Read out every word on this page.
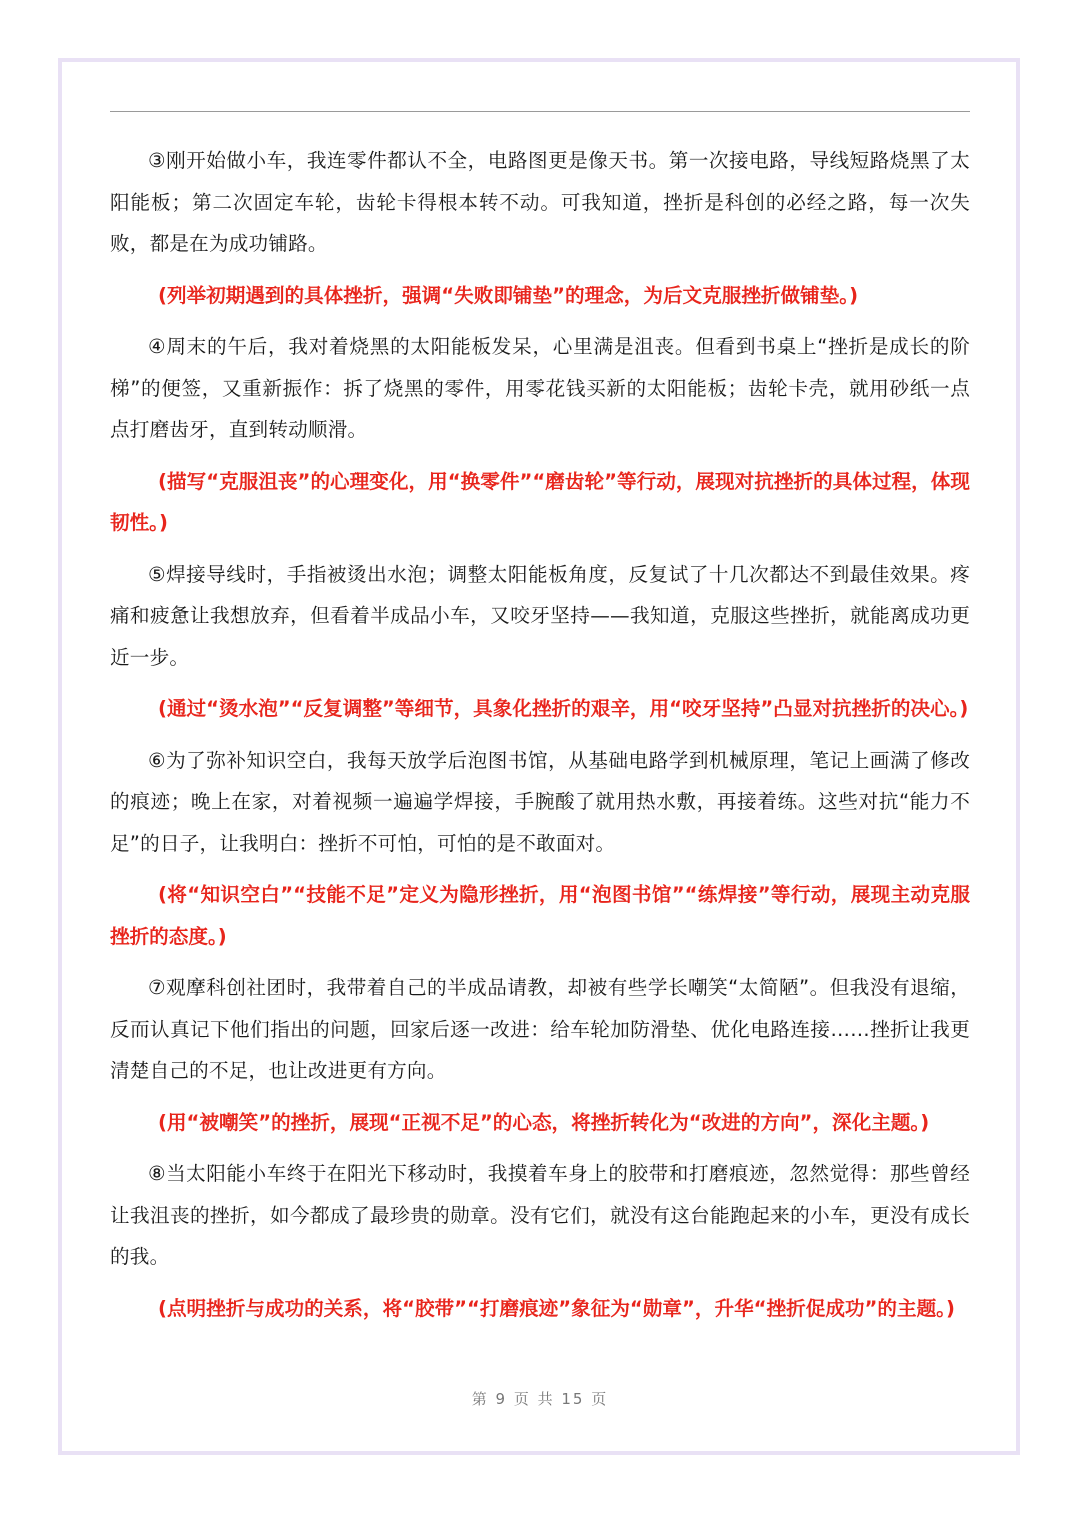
③刚开始做小车，我连零件都认不全，电路图更是像天书。第一次接电路，导线短路烧黑了太阳能板；第二次固定车轮，齿轮卡得根本转不动。可我知道，挫折是科创的必经之路，每一次失败，都是在为成功铺路。

(列举初期遇到的具体挫折，强调“失败即铺垫”的理念，为后文克服挫折做铺垫。)

④周末的午后，我对着烧黑的太阳能板发呆，心里满是沮丧。但看到书桌上“挫折是成长的阶梯”的便签，又重新振作：拆了烧黑的零件，用零花钱买新的太阳能板；齿轮卡壳，就用砂纸一点点打磨齿牙，直到转动顺滑。

(描写“克服沮丧”的心理变化，用“换零件”“磨齿轮”等行动，展现对抗挫折的具体过程，体现韧性。)

⑤焊接导线时，手指被烫出水泡；调整太阳能板角度，反复试了十几次都达不到最佳效果。疼痛和疲惫让我想放弃，但看着半成品小车，又咬牙坚持——我知道，克服这些挫折，就能离成功更近一步。

(通过“烫水泡”“反复调整”等细节，具象化挫折的艰辛，用“咬牙坚持”凸显对抗挫折的决心。)

⑥为了弥补知识空白，我每天放学后泡图书馆，从基础电路学到机械原理，笔记上画满了修改的痕迹；晚上在家，对着视频一遍遍学焊接，手腕酸了就用热水敷，再接着练。这些对抗“能力不足”的日子，让我明白：挫折不可怕，可怕的是不敢面对。

(将“知识空白”“技能不足”定义为隐形挫折，用“泡图书馆”“练焊接”等行动，展现主动克服挫折的态度。)

⑦观摩科创社团时，我带着自己的半成品请教，却被有些学长嘲笑“太简陋”。但我没有退缩，反而认真记下他们指出的问题，回家后逐一改进：给车轮加防滑垫、优化电路连接……挫折让我更清楚自己的不足，也让改进更有方向。

(用“被嘲笑”的挫折，展现“正视不足”的心态，将挫折转化为“改进的方向”，深化主题。)

⑧当太阳能小车终于在阳光下移动时，我摸着车身上的胶带和打磨痕迹，忽然觉得：那些曾经让我沮丧的挫折，如今都成了最珍贵的勋章。没有它们，就没有这台能跑起来的小车，更没有成长的我。

(点明挫折与成功的关系，将“胶带”“打磨痕迹”象征为“勋章”，升华“挫折促成功”的主题。)

第 9 页 共 15 页
